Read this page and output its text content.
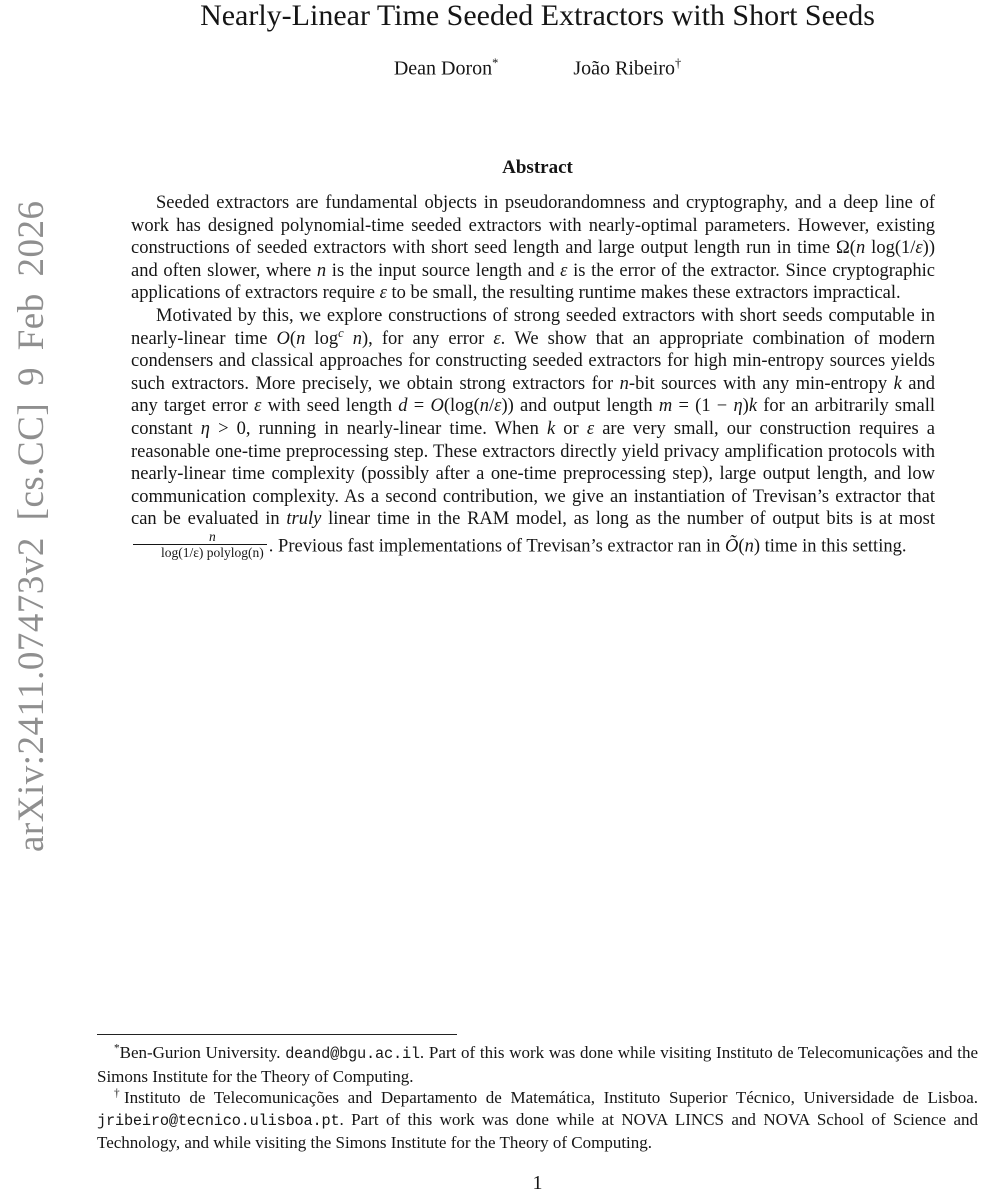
arXiv:2411.07473v2 [cs.CC] 9 Feb 2026
Nearly-Linear Time Seeded Extractors with Short Seeds
Dean Doron*	João Ribeiro†
Abstract

Seeded extractors are fundamental objects in pseudorandomness and cryptography, and a deep line of work has designed polynomial-time seeded extractors with nearly-optimal parameters. However, existing constructions of seeded extractors with short seed length and large output length run in time Ω(n log(1/ε)) and often slower, where n is the input source length and ε is the error of the extractor. Since cryptographic applications of extractors require ε to be small, the resulting runtime makes these extractors impractical.

Motivated by this, we explore constructions of strong seeded extractors with short seeds computable in nearly-linear time O(n $\log^c n$), for any error ε. We show that an appropriate combination of modern condensers and classical approaches for constructing seeded extractors for high min-entropy sources yields such extractors. More precisely, we obtain strong extractors for n-bit sources with any min-entropy k and any target error ε with seed length d = O(log(n/ε)) and output length m = (1 − η)k for an arbitrarily small constant η > 0, running in nearly-linear time. When k or ε are very small, our construction requires a reasonable one-time preprocessing step. These extractors directly yield privacy amplification protocols with nearly-linear time complexity (possibly after a one-time preprocessing step), large output length, and low communication complexity. As a second contribution, we give an instantiation of Trevisan’s extractor that can be evaluated in truly linear time in the RAM model, as long as the number of output bits is at most
$\frac{n}{\text{log(1/ε) polylog(n)}}$ . Previous fast implementations of Trevisan’s extractor ran in Õ(n) time in this setting.

*Ben-Gurion University. deand@bgu.ac.il. Part of this work was done while visiting Instituto de Telecomunicações and the Simons Institute for the Theory of Computing.

†Instituto de Telecomunicações and Departamento de Matemática, Instituto Superior Técnico, Universidade de Lisboa. jribeiro@tecnico.ulisboa.pt. Part of this work was done while at NOVA LINCS and NOVA School of Science and Technology, and while visiting the Simons Institute for the Theory of Computing.

1
